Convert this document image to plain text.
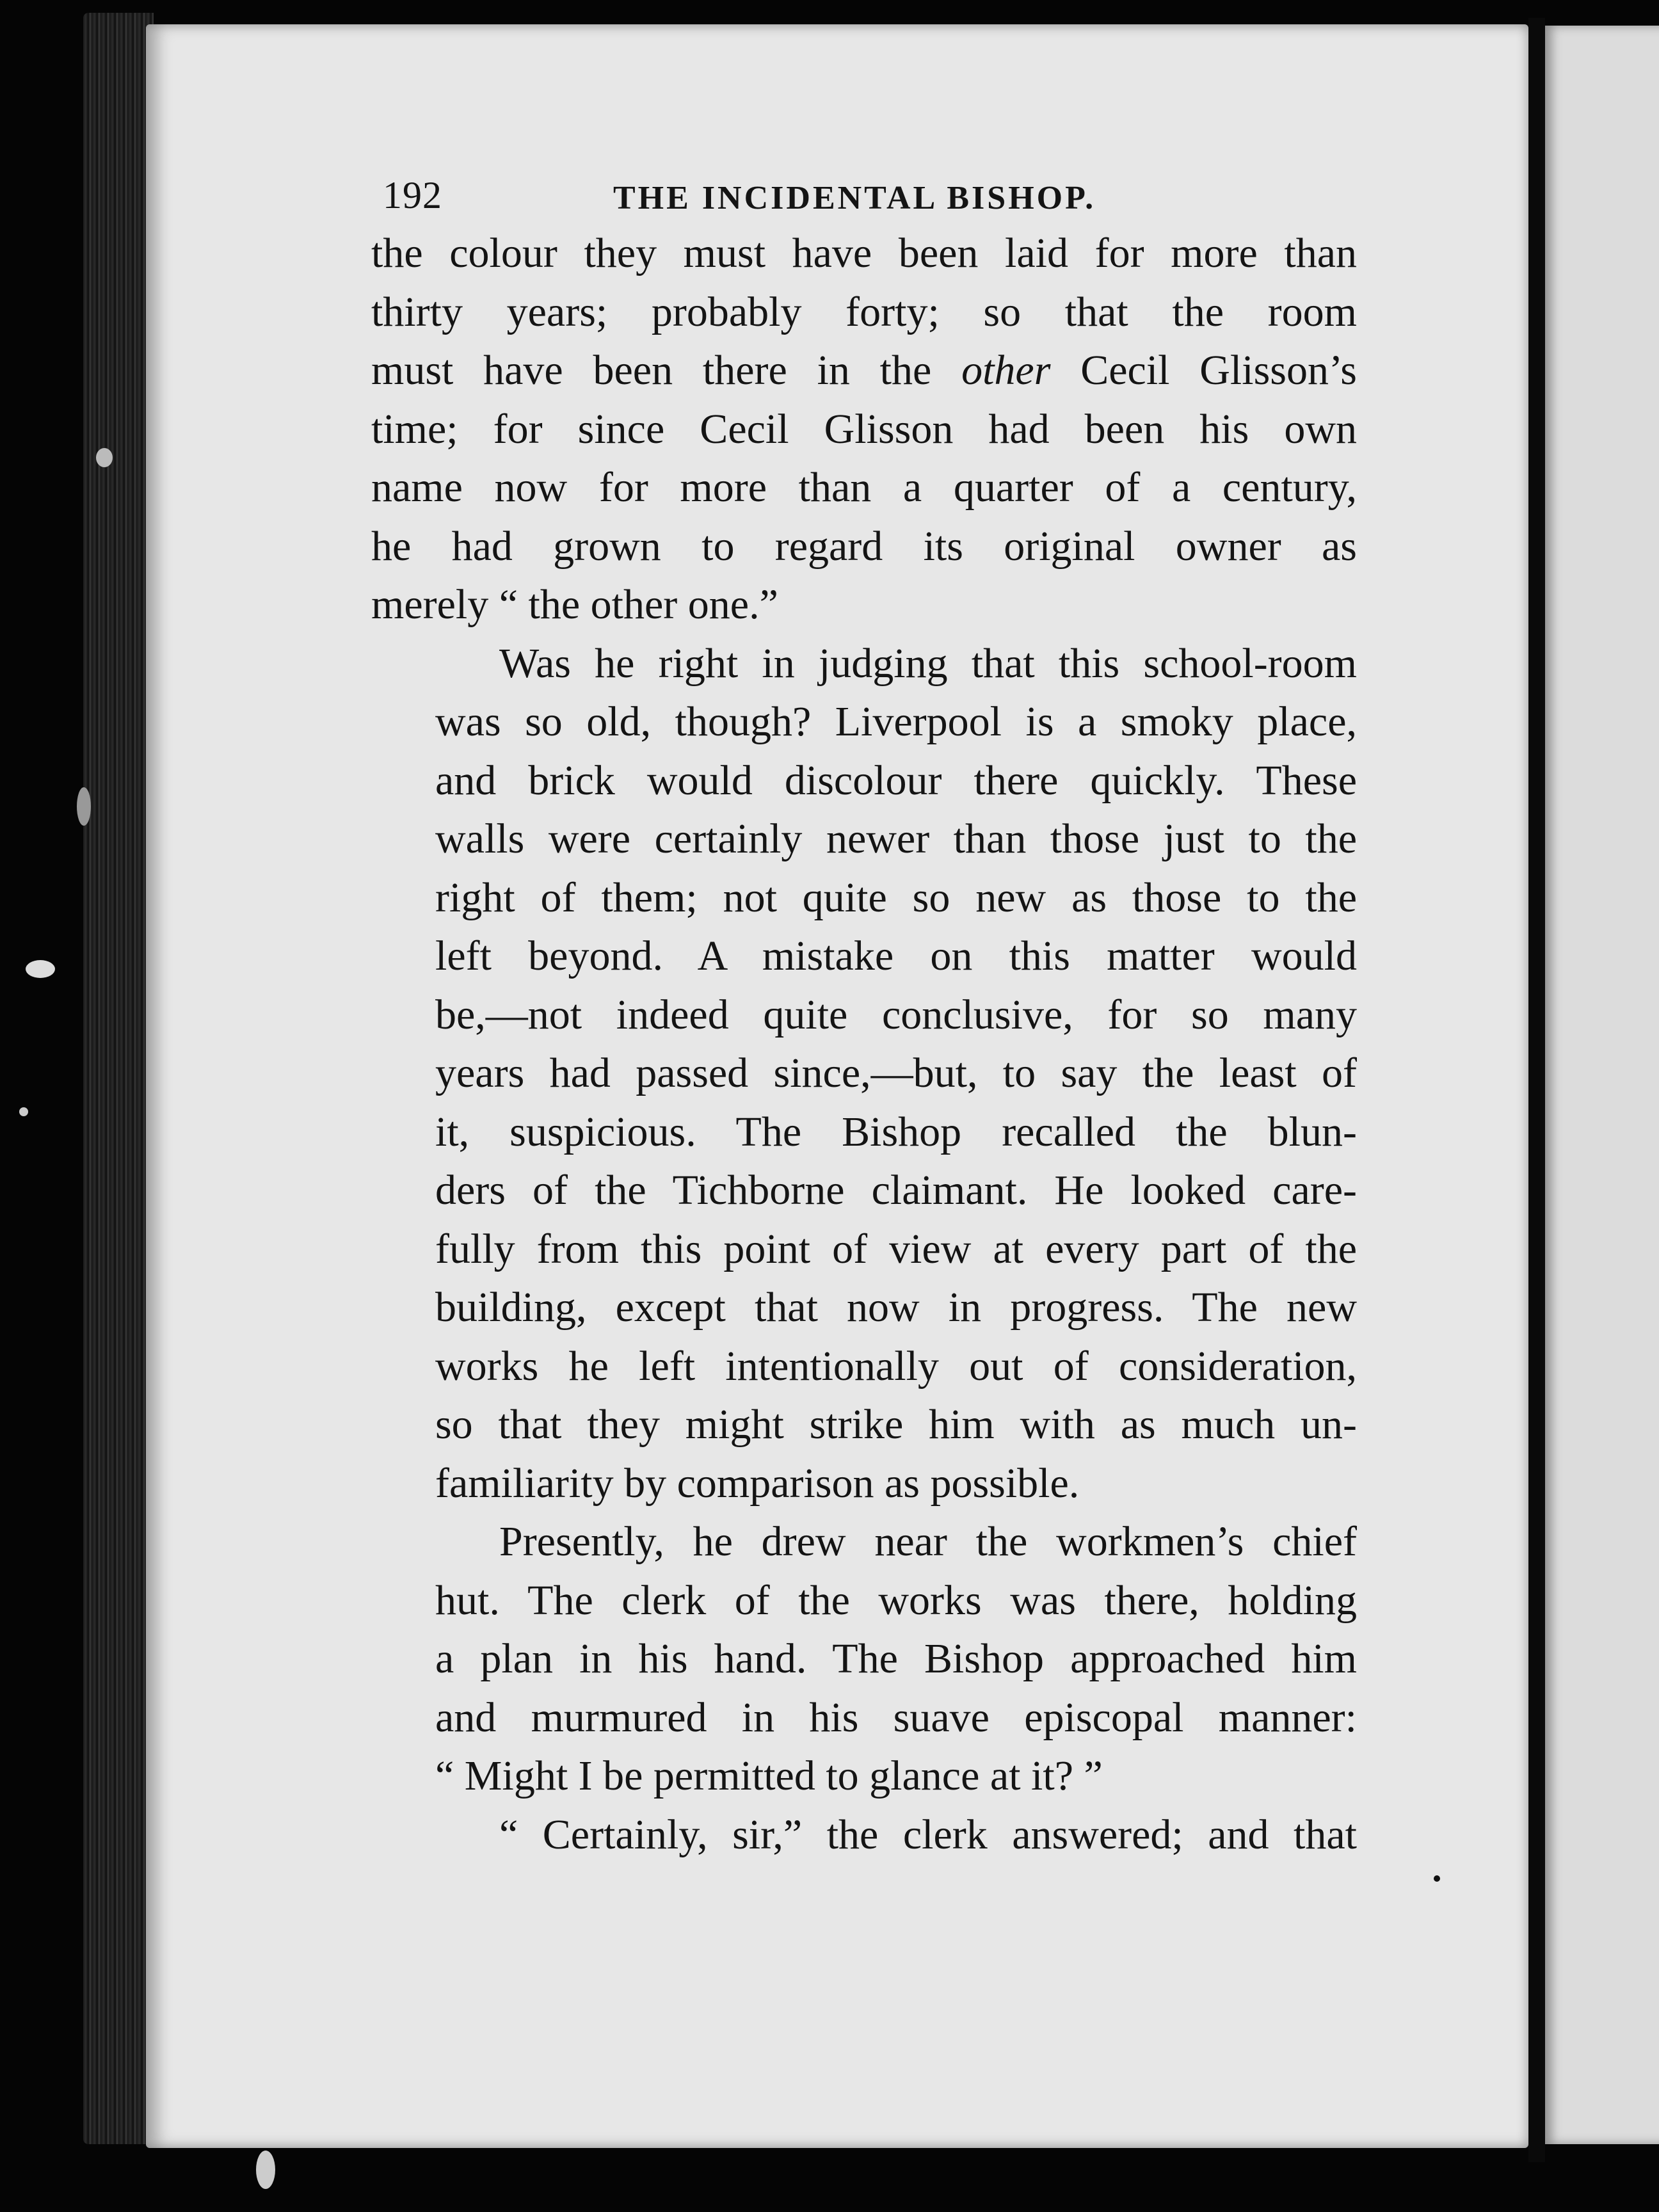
192	THE INCIDENTAL BISHOP.

the colour they must have been laid for more than
thirty years; probably forty; so that the room
must have been there in the other Cecil Glisson’s
time; for since Cecil Glisson had been his own
name now for more than a quarter of a century,
he had grown to regard its original owner as
merely “ the other one.”

Was he right in judging that this school-room
was so old, though? Liverpool is a smoky place,
and brick would discolour there quickly. These
walls were certainly newer than those just to the
right of them; not quite so new as those to the
left beyond. A mistake on this matter would
be,—not indeed quite conclusive, for so many
years had passed since,—but, to say the least of
it, suspicious. The Bishop recalled the blun-
ders of the Tichborne claimant. He looked care-
fully from this point of view at every part of the
building, except that now in progress. The new
works he left intentionally out of consideration,
so that they might strike him with as much un-
familiarity by comparison as possible.

Presently, he drew near the workmen’s chief
hut. The clerk of the works was there, holding
a plan in his hand. The Bishop approached him
and murmured in his suave episcopal manner:
“ Might I be permitted to glance at it? ”

“ Certainly, sir,” the clerk answered; and that
